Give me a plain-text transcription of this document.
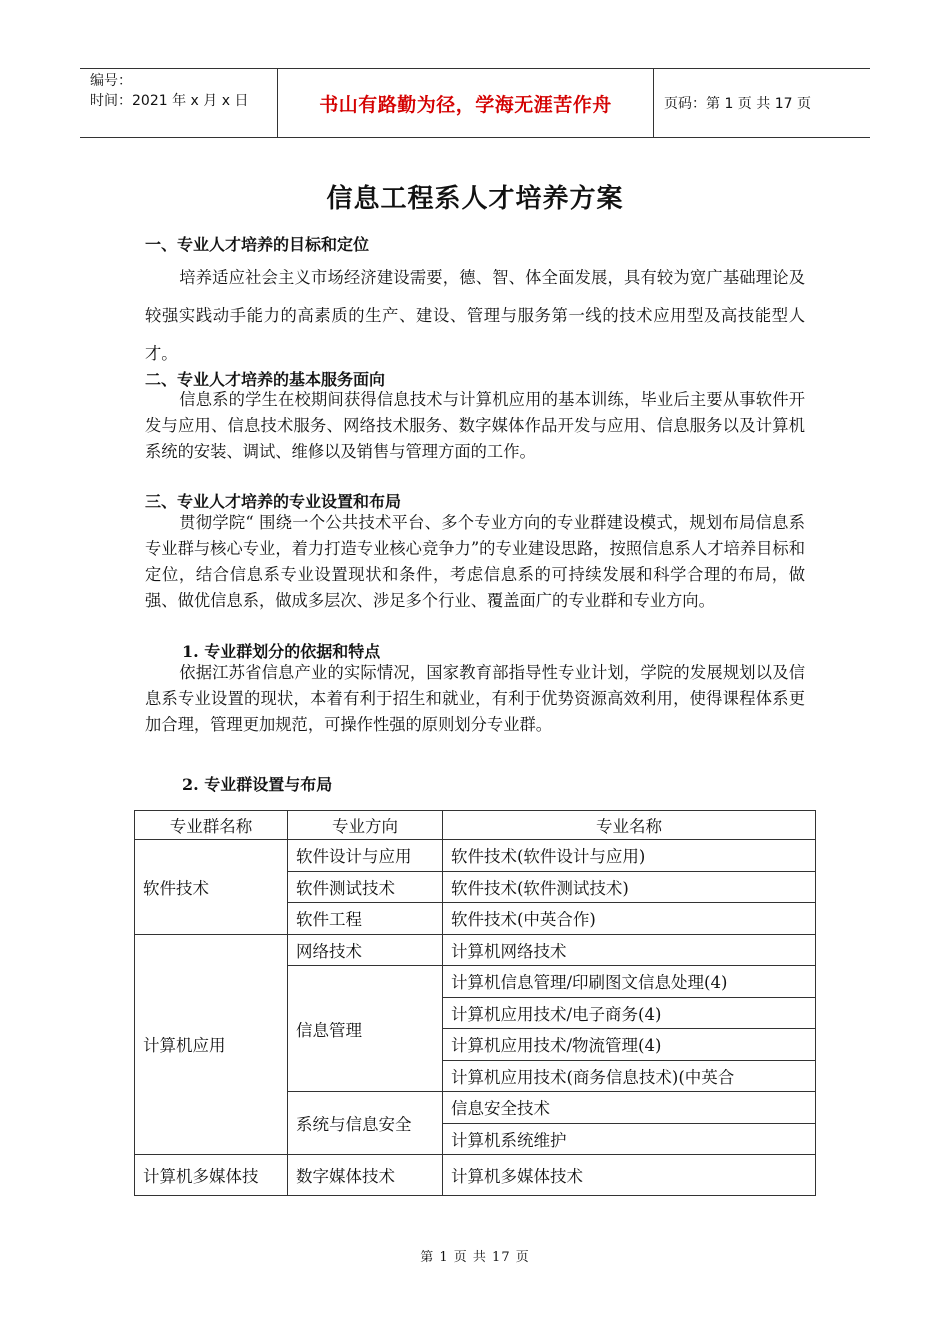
编号：
时间：2021 年 x 月 x 日	书山有路勤为径，学海无涯苦作舟	页码：第 1 页 共 17 页
信息工程系人才培养方案
一、专业人才培养的目标和定位
培养适应社会主义市场经济建设需要，德、智、体全面发展，具有较为宽广基础理论及较强实践动手能力的高素质的生产、建设、管理与服务第一线的技术应用型及高技能型人才。
二、专业人才培养的基本服务面向
信息系的学生在校期间获得信息技术与计算机应用的基本训练，毕业后主要从事软件开发与应用、信息技术服务、网络技术服务、数字媒体作品开发与应用、信息服务以及计算机系统的安装、调试、维修以及销售与管理方面的工作。
三、专业人才培养的专业设置和布局
贯彻学院“ 围绕一个公共技术平台、多个专业方向的专业群建设模式，规划布局信息系专业群与核心专业，着力打造专业核心竞争力”的专业建设思路，按照信息系人才培养目标和定位，结合信息系专业设置现状和条件，考虑信息系的可持续发展和科学合理的布局，做强、做优信息系，做成多层次、涉足多个行业、覆盖面广的专业群和专业方向。
1. 专业群划分的依据和特点
依据江苏省信息产业的实际情况，国家教育部指导性专业计划，学院的发展规划以及信息系专业设置的现状，本着有利于招生和就业，有利于优势资源高效利用，使得课程体系更加合理，管理更加规范，可操作性强的原则划分专业群。
2. 专业群设置与布局
专业群名称	专业方向	专业名称
软件技术	软件设计与应用	软件技术(软件设计与应用)
	软件测试技术	软件技术(软件测试技术)
	软件工程	软件技术(中英合作)
计算机应用	网络技术	计算机网络技术
	信息管理	计算机信息管理/印刷图文信息处理(4)
		计算机应用技术/电子商务(4)
		计算机应用技术/物流管理(4)
		计算机应用技术(商务信息技术)(中英合
	系统与信息安全	信息安全技术
		计算机系统维护
计算机多媒体技	数字媒体技术	计算机多媒体技术
第 1 页 共 17 页
